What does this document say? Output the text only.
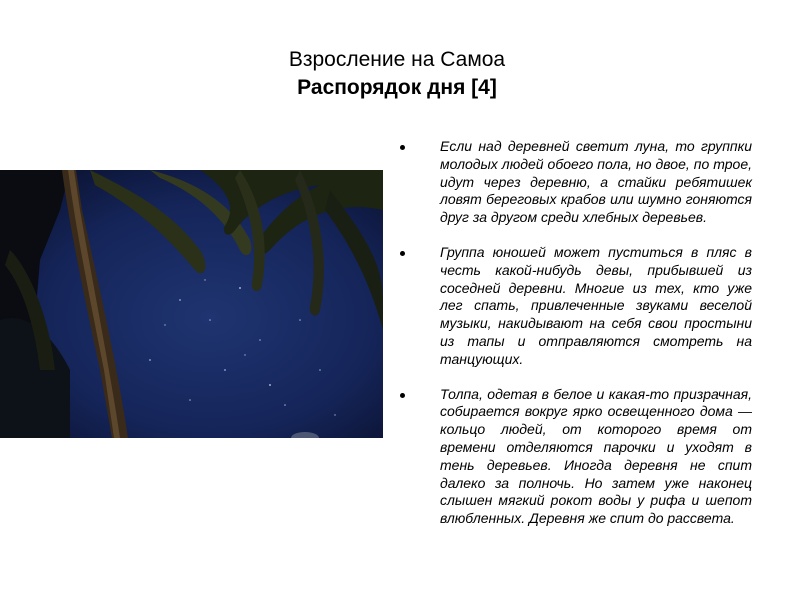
Взросление на Самоа
Распорядок дня [4]
Если над деревней светит луна, то группки молодых людей обоего пола, но двое, по трое, идут через деревню, а стайки ребятишек ловят береговых крабов или шумно гоняются друг за другом среди хлебных деревьев.
Группа юношей может пуститься в пляс в честь какой-нибудь девы, прибывшей из соседней деревни. Многие из тех, кто уже лег спать, привлеченные звуками веселой музыки, накидывают на себя свои простыни из тапы и отправляются смотреть на танцующих.
Толпа, одетая в белое и какая-то призрачная, собирается вокруг ярко освещенного дома — кольцо людей, от которого время от времени отделяются парочки и уходят в тень деревьев. Иногда деревня не спит далеко за полночь. Но затем уже наконец слышен мягкий рокот воды у рифа и шепот влюбленных. Деревня же спит до рассвета.
